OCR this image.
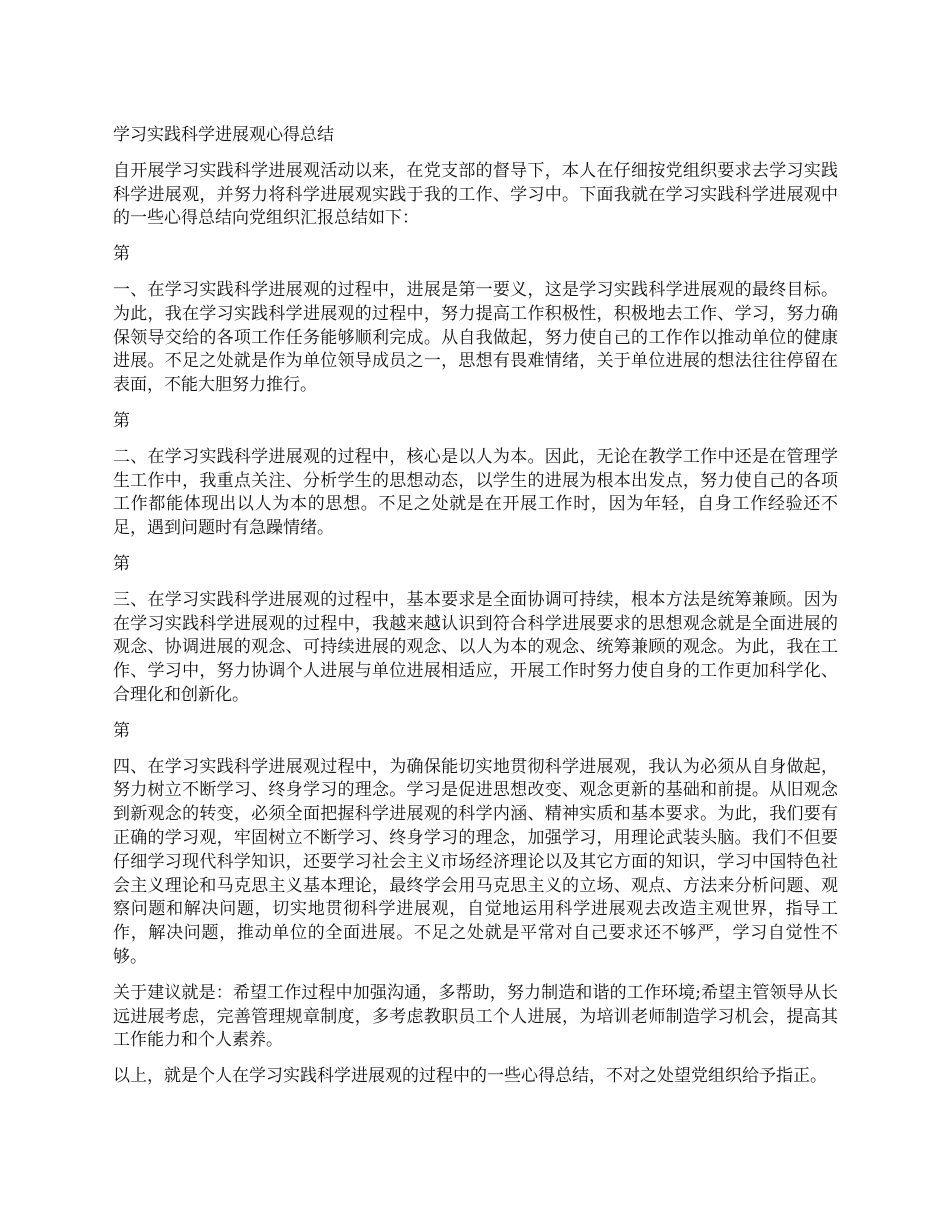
学习实践科学进展观心得总结

自开展学习实践科学进展观活动以来，在党支部的督导下，本人在仔细按党组织要求去学习实践科学进展观，并努力将科学进展观实践于我的工作、学习中。下面我就在学习实践科学进展观中的一些心得总结向党组织汇报总结如下：

第

一、在学习实践科学进展观的过程中，进展是第一要义，这是学习实践科学进展观的最终目标。为此，我在学习实践科学进展观的过程中，努力提高工作积极性，积极地去工作、学习，努力确保领导交给的各项工作任务能够顺利完成。从自我做起，努力使自己的工作作以推动单位的健康进展。不足之处就是作为单位领导成员之一，思想有畏难情绪，关于单位进展的想法往往停留在表面，不能大胆努力推行。

第

二、在学习实践科学进展观的过程中，核心是以人为本。因此，无论在教学工作中还是在管理学生工作中，我重点关注、分析学生的思想动态，以学生的进展为根本出发点，努力使自己的各项工作都能体现出以人为本的思想。不足之处就是在开展工作时，因为年轻，自身工作经验还不足，遇到问题时有急躁情绪。

第

三、在学习实践科学进展观的过程中，基本要求是全面协调可持续，根本方法是统筹兼顾。因为在学习实践科学进展观的过程中，我越来越认识到符合科学进展要求的思想观念就是全面进展的观念、协调进展的观念、可持续进展的观念、以人为本的观念、统筹兼顾的观念。为此，我在工作、学习中，努力协调个人进展与单位进展相适应，开展工作时努力使自身的工作更加科学化、合理化和创新化。

第

四、在学习实践科学进展观过程中，为确保能切实地贯彻科学进展观，我认为必须从自身做起，努力树立不断学习、终身学习的理念。学习是促进思想改变、观念更新的基础和前提。从旧观念到新观念的转变，必须全面把握科学进展观的科学内涵、精神实质和基本要求。为此，我们要有正确的学习观，牢固树立不断学习、终身学习的理念，加强学习，用理论武装头脑。我们不但要仔细学习现代科学知识，还要学习社会主义市场经济理论以及其它方面的知识，学习中国特色社会主义理论和马克思主义基本理论，最终学会用马克思主义的立场、观点、方法来分析问题、观察问题和解决问题，切实地贯彻科学进展观，自觉地运用科学进展观去改造主观世界，指导工作，解决问题，推动单位的全面进展。不足之处就是平常对自己要求还不够严，学习自觉性不够。

关于建议就是：希望工作过程中加强沟通，多帮助，努力制造和谐的工作环境;希望主管领导从长远进展考虑，完善管理规章制度，多考虑教职员工个人进展，为培训老师制造学习机会，提高其工作能力和个人素养。

以上，就是个人在学习实践科学进展观的过程中的一些心得总结，不对之处望党组织给予指正。
